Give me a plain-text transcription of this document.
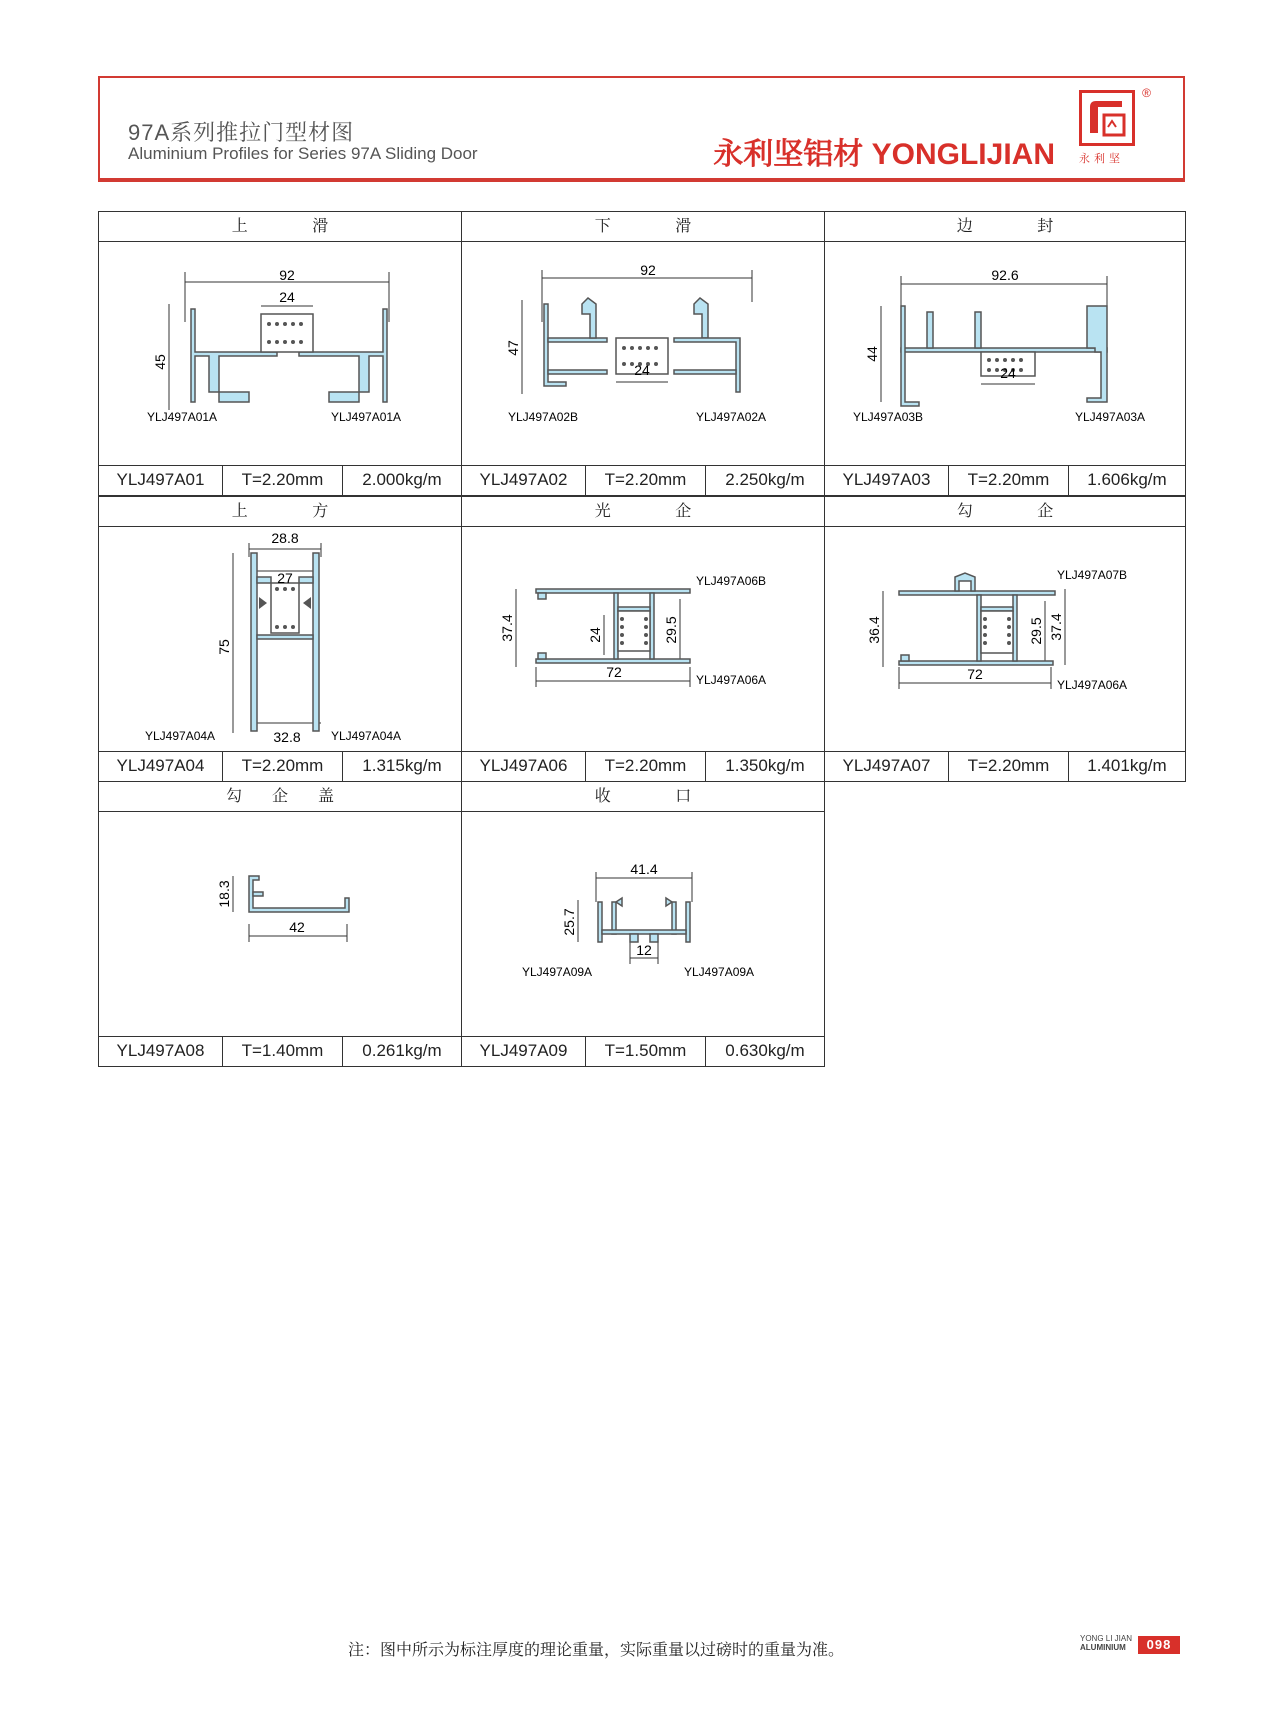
97A系列推拉门型材图
Aluminium Profiles for Series 97A Sliding Door	永利坚铝材 YONGLIJIAN
®
永利坚
上 滑
92
24
45
YLJ497A01A	YLJ497A01A
YLJ497A01	T=2.20mm	2.000kg/m
下 滑
92
47
24
YLJ497A02B	YLJ497A02A
YLJ497A02	T=2.20mm	2.250kg/m
边 封
92.6
44
24
YLJ497A03B	YLJ497A03A
YLJ497A03	T=2.20mm	1.606kg/m
上 方
28.8
27
75
32.8
YLJ497A04A	YLJ497A04A
YLJ497A04	T=2.20mm	1.315kg/m
光 企
37.4	24	29.5
72
YLJ497A06B
YLJ497A06A
YLJ497A06	T=2.20mm	1.350kg/m
勾 企
36.4	29.5 37.4
72
YLJ497A07B
YLJ497A06A
YLJ497A07	T=2.20mm	1.401kg/m
勾企盖
18.3
42
YLJ497A08	T=1.40mm	0.261kg/m
收 口
41.4
25.7
12
YLJ497A09A	YLJ497A09A
YLJ497A09	T=1.50mm	0.630kg/m
注：图中所示为标注厚度的理论重量，实际重量以过磅时的重量为准。
YONG LI JIAN
ALUMINIUM	098
